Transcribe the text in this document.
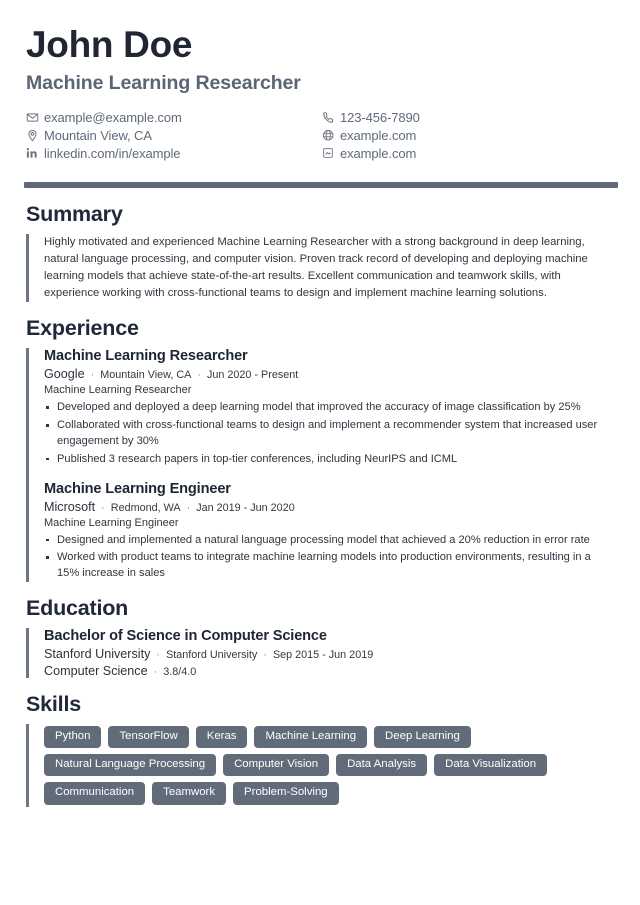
John Doe
Machine Learning Researcher
example@example.com
Mountain View, CA
linkedin.com/in/example
123-456-7890
example.com
example.com
Summary
Highly motivated and experienced Machine Learning Researcher with a strong background in deep learning, natural language processing, and computer vision. Proven track record of developing and deploying machine learning models that achieve state-of-the-art results. Excellent communication and teamwork skills, with experience working with cross-functional teams to design and implement machine learning solutions.
Experience
Machine Learning Researcher
Google · Mountain View, CA · Jun 2020 - Present
Machine Learning Researcher
Developed and deployed a deep learning model that improved the accuracy of image classification by 25%
Collaborated with cross-functional teams to design and implement a recommender system that increased user engagement by 30%
Published 3 research papers in top-tier conferences, including NeurIPS and ICML
Machine Learning Engineer
Microsoft · Redmond, WA · Jan 2019 - Jun 2020
Machine Learning Engineer
Designed and implemented a natural language processing model that achieved a 20% reduction in error rate
Worked with product teams to integrate machine learning models into production environments, resulting in a 15% increase in sales
Education
Bachelor of Science in Computer Science
Stanford University · Stanford University · Sep 2015 - Jun 2019
Computer Science · 3.8/4.0
Skills
Python	TensorFlow	Keras	Machine Learning	Deep Learning
Natural Language Processing	Computer Vision	Data Analysis	Data Visualization
Communication	Teamwork	Problem-Solving
